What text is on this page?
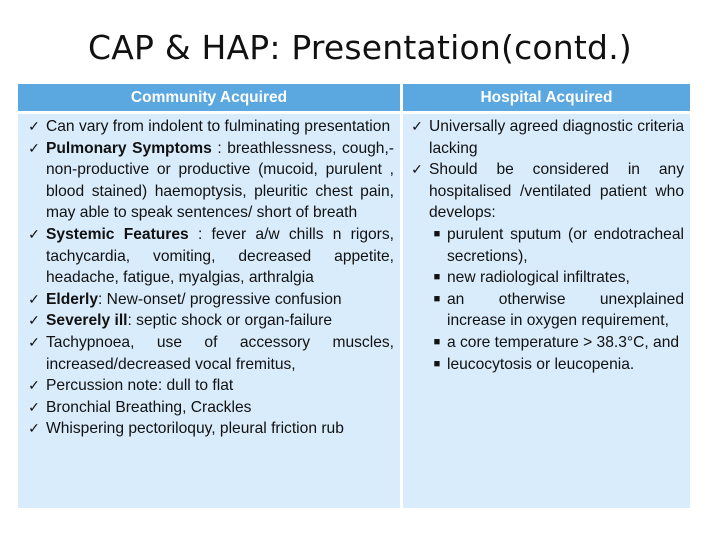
CAP & HAP: Presentation(contd.)
Community Acquired	Hospital Acquired
✓ Can vary from indolent to fulminating presentation
✓ Pulmonary Symptoms : breathlessness, cough,-non-productive or productive (mucoid, purulent , blood stained) haemoptysis, pleuritic chest pain, may able to speak sentences/ short of breath
✓ Systemic Features : fever a/w chills n rigors, tachycardia, vomiting, decreased appetite, headache, fatigue, myalgias, arthralgia
✓ Elderly: New-onset/ progressive confusion
✓ Severely ill: septic shock or organ-failure
✓ Tachypnoea, use of accessory muscles, increased/decreased vocal fremitus,
✓ Percussion note: dull to flat
✓ Bronchial Breathing, Crackles
✓ Whispering pectoriloquy, pleural friction rub
✓ Universally agreed diagnostic criteria lacking
✓ Should be considered in any hospitalised /ventilated patient who develops:
■ purulent sputum (or endotracheal secretions),
■ new radiological infiltrates,
■ an otherwise unexplained increase in oxygen requirement,
■ a core temperature > 38.3°C, and
■ leucocytosis or leucopenia.
